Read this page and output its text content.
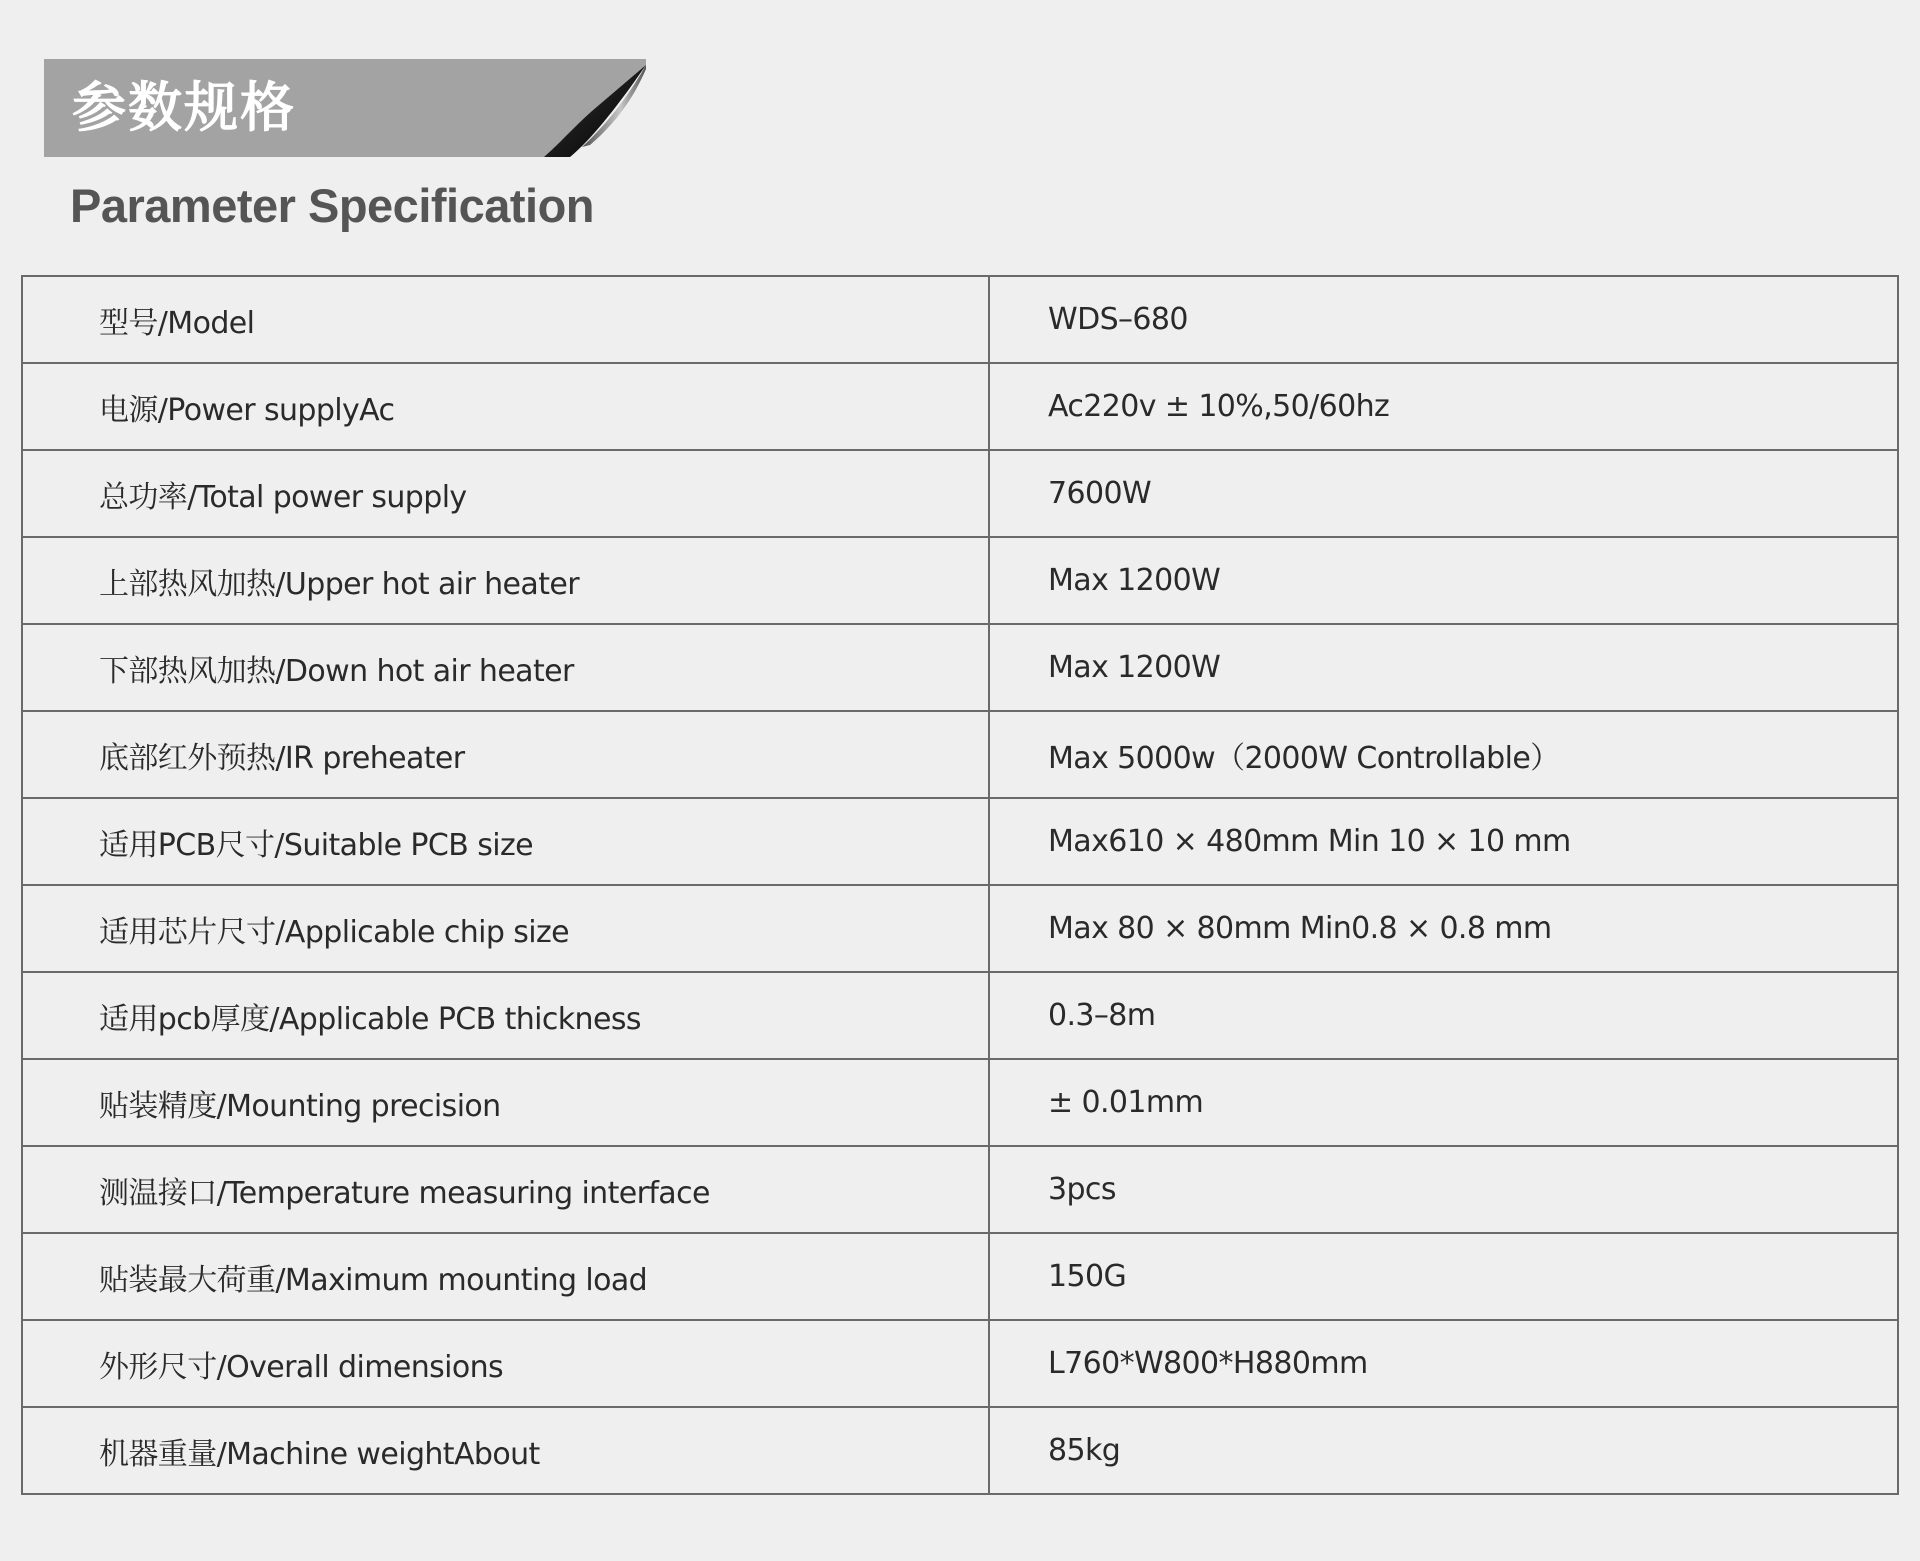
参数规格
Parameter Specification
型号/Model	WDS–680
电源/Power supplyAc	Ac220v ± 10%,50/60hz
总功率/Total power supply	7600W
上部热风加热/Upper hot air heater	Max 1200W
下部热风加热/Down hot air heater	Max 1200W
底部红外预热/IR preheater	Max 5000w（2000W Controllable）
适用PCB尺寸/Suitable PCB size	Max610 × 480mm Min 10 × 10 mm
适用芯片尺寸/Applicable chip size	Max 80 × 80mm Min0.8 × 0.8 mm
适用pcb厚度/Applicable PCB thickness	0.3–8m
贴装精度/Mounting precision	± 0.01mm
测温接口/Temperature measuring interface	3pcs
贴装最大荷重/Maximum mounting load	150G
外形尺寸/Overall dimensions	L760*W800*H880mm
机器重量/Machine weightAbout	85kg
